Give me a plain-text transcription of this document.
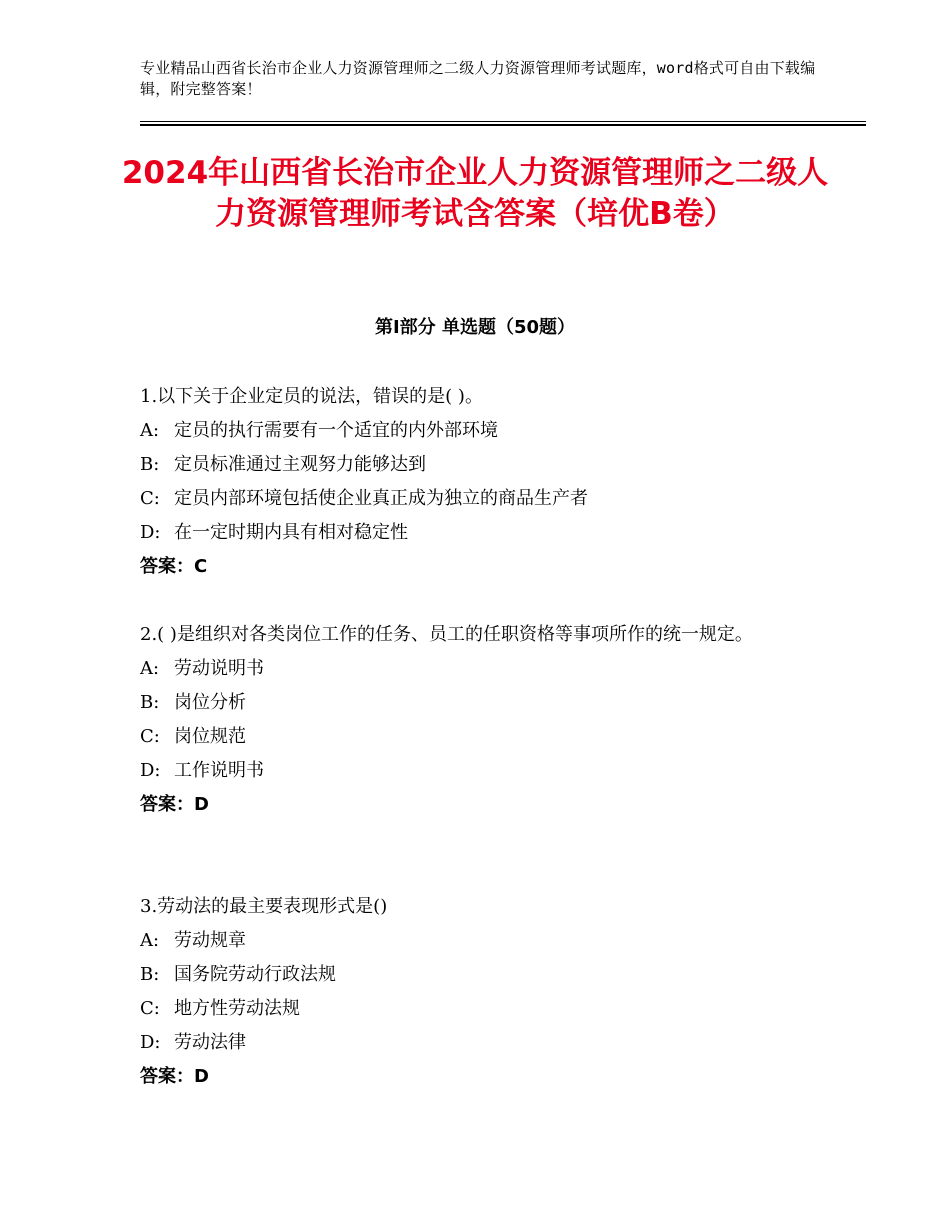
专业精品山西省长治市企业人力资源管理师之二级人力资源管理师考试题库，word格式可自由下载编辑，附完整答案！
2024年山西省长治市企业人力资源管理师之二级人力资源管理师考试含答案（培优B卷）
第Ⅰ部分 单选题（50题）
1.以下关于企业定员的说法，错误的是( )。
A: 定员的执行需要有一个适宜的内外部环境
B: 定员标准通过主观努力能够达到
C: 定员内部环境包括使企业真正成为独立的商品生产者
D: 在一定时期内具有相对稳定性
答案：C
2.( )是组织对各类岗位工作的任务、员工的任职资格等事项所作的统一规定。
A: 劳动说明书
B: 岗位分析
C: 岗位规范
D: 工作说明书
答案：D
3.劳动法的最主要表现形式是()
A: 劳动规章
B: 国务院劳动行政法规
C: 地方性劳动法规
D: 劳动法律
答案：D
